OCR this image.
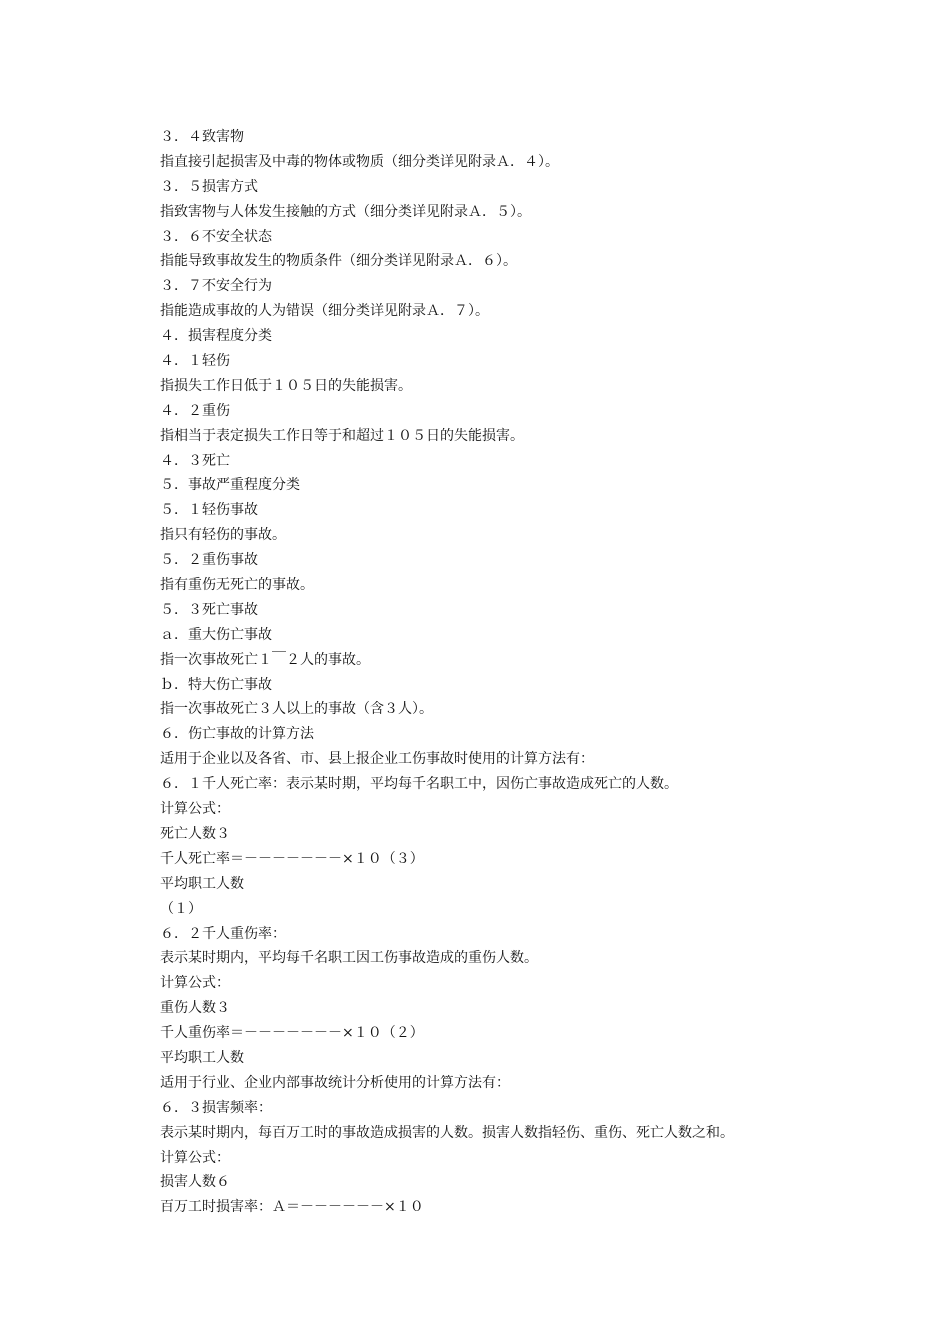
３．４致害物
指直接引起损害及中毒的物体或物质（细分类详见附录Ａ．４）。
３．５损害方式
指致害物与人体发生接触的方式（细分类详见附录Ａ．５）。
３．６不安全状态
指能导致事故发生的物质条件（细分类详见附录Ａ．６）。
３．７不安全行为
指能造成事故的人为错误（细分类详见附录Ａ．７）。
４．损害程度分类
４．１轻伤
指损失工作日低于１０５日的失能损害。
４．２重伤
指相当于表定损失工作日等于和超过１０５日的失能损害。
４．３死亡
５．事故严重程度分类
５．１轻伤事故
指只有轻伤的事故。
５．２重伤事故
指有重伤无死亡的事故。
５．３死亡事故
ａ．重大伤亡事故
指一次事故死亡１￣２人的事故。
ｂ．特大伤亡事故
指一次事故死亡３人以上的事故（含３人）。
６．伤亡事故的计算方法
适用于企业以及各省、市、县上报企业工伤事故时使用的计算方法有：
６．１千人死亡率：表示某时期，平均每千名职工中，因伤亡事故造成死亡的人数。
计算公式：
死亡人数３
千人死亡率＝－－－－－－－×１０（３）
平均职工人数
（１）
６．２千人重伤率：
表示某时期内，平均每千名职工因工伤事故造成的重伤人数。
计算公式：
重伤人数３
千人重伤率＝－－－－－－－×１０（２）
平均职工人数
适用于行业、企业内部事故统计分析使用的计算方法有：
６．３损害频率：
表示某时期内，每百万工时的事故造成损害的人数。损害人数指轻伤、重伤、死亡人数之和。
计算公式：
损害人数６
百万工时损害率：Ａ＝－－－－－－×１０
